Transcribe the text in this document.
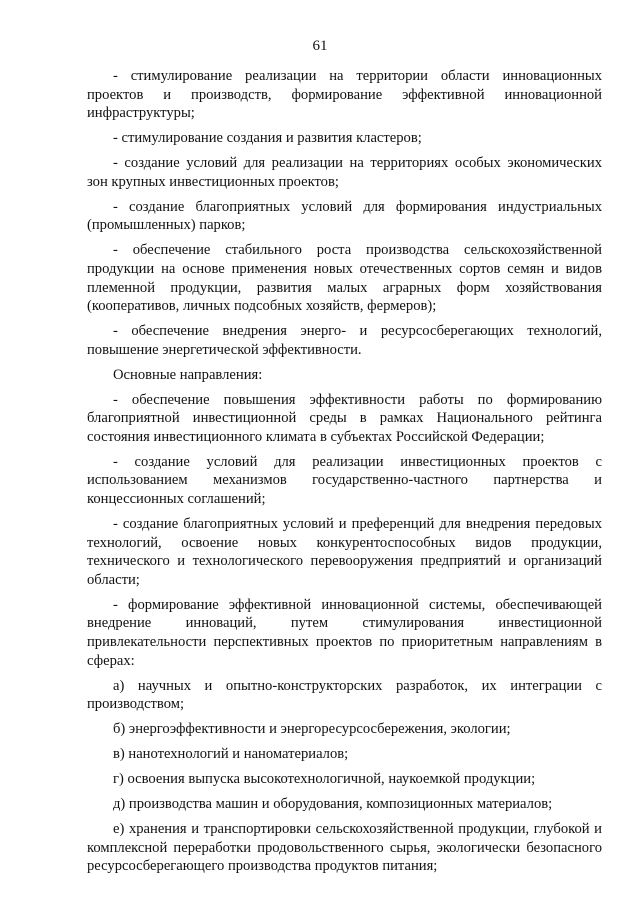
61

- стимулирование реализации на территории области инновационных проектов и производств, формирование эффективной инновационной инфраструктуры;

- стимулирование создания и развития кластеров;

- создание условий для реализации на территориях особых экономических зон крупных инвестиционных проектов;

- создание благоприятных условий для формирования индустриальных (промышленных) парков;

- обеспечение стабильного роста производства сельскохозяйственной продукции на основе применения новых отечественных сортов семян и видов племенной продукции, развития малых аграрных форм хозяйствования (кооперативов, личных подсобных хозяйств, фермеров);

- обеспечение внедрения энерго- и ресурсосберегающих технологий, повышение энергетической эффективности.

Основные направления:

- обеспечение повышения эффективности работы по формированию благоприятной инвестиционной среды в рамках Национального рейтинга состояния инвестиционного климата в субъектах Российской Федерации;

- создание условий для реализации инвестиционных проектов с использованием механизмов государственно-частного партнерства и концессионных соглашений;

- создание благоприятных условий и преференций для внедрения передовых технологий, освоение новых конкурентоспособных видов продукции, технического и технологического перевооружения предприятий и организаций области;

- формирование эффективной инновационной системы, обеспечивающей внедрение инноваций, путем стимулирования инвестиционной привлекательности перспективных проектов по приоритетным направлениям в сферах:

а) научных и опытно-конструкторских разработок, их интеграции с производством;

б) энергоэффективности и энергоресурсосбережения, экологии;

в) нанотехнологий и наноматериалов;

г) освоения выпуска высокотехнологичной, наукоемкой продукции;

д) производства машин и оборудования, композиционных материалов;

е) хранения и транспортировки сельскохозяйственной продукции, глубокой и комплексной переработки продовольственного сырья, экологически безопасного ресурсосберегающего производства продуктов питания;
